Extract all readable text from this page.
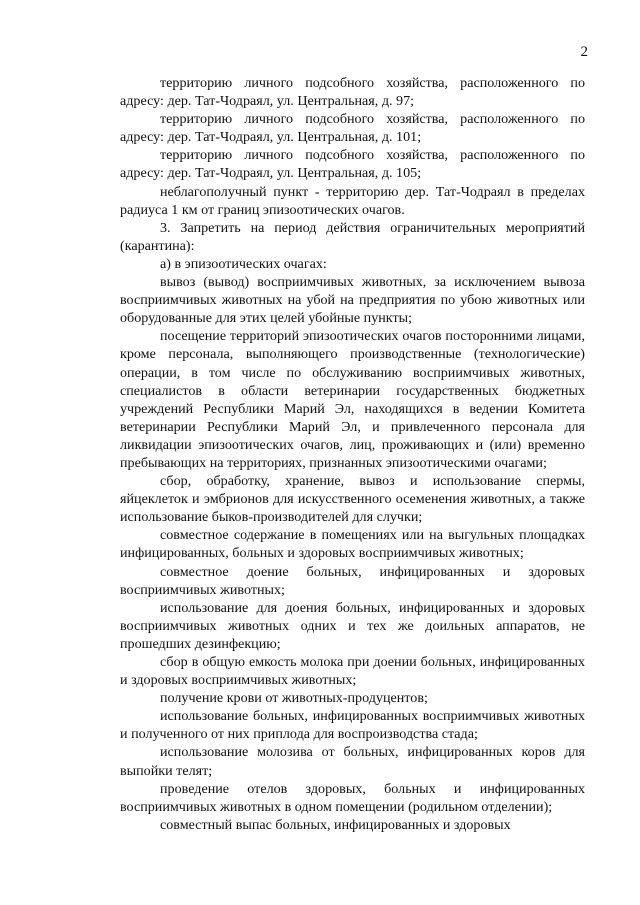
2

территорию личного подсобного хозяйства, расположенного по адресу: дер. Тат-Чодраял, ул. Центральная, д. 97;

территорию личного подсобного хозяйства, расположенного по адресу: дер. Тат-Чодраял, ул. Центральная, д. 101;

территорию личного подсобного хозяйства, расположенного по адресу: дер. Тат-Чодраял, ул. Центральная, д. 105;

неблагополучный пункт - территорию дер. Тат-Чодраял в пределах радиуса 1 км от границ эпизоотических очагов.

3. Запретить на период действия ограничительных мероприятий (карантина):

а) в эпизоотических очагах:

вывоз (вывод) восприимчивых животных, за исключением вывоза восприимчивых животных на убой на предприятия по убою животных или оборудованные для этих целей убойные пункты;

посещение территорий эпизоотических очагов посторонними лицами, кроме персонала, выполняющего производственные (технологические) операции, в том числе по обслуживанию восприимчивых животных, специалистов в области ветеринарии государственных бюджетных учреждений Республики Марий Эл, находящихся в ведении Комитета ветеринарии Республики Марий Эл, и привлеченного персонала для ликвидации эпизоотических очагов, лиц, проживающих и (или) временно пребывающих на территориях, признанных эпизоотическими очагами;

сбор, обработку, хранение, вывоз и использование спермы, яйцеклеток и эмбрионов для искусственного осеменения животных, а также использование быков-производителей для случки;

совместное содержание в помещениях или на выгульных площадках инфицированных, больных и здоровых восприимчивых животных;

совместное доение больных, инфицированных и здоровых восприимчивых животных;

использование для доения больных, инфицированных и здоровых восприимчивых животных одних и тех же доильных аппаратов, не прошедших дезинфекцию;

сбор в общую емкость молока при доении больных, инфицированных и здоровых восприимчивых животных;

получение крови от животных-продуцентов;

использование больных, инфицированных восприимчивых животных и полученного от них приплода для воспроизводства стада;

использование молозива от больных, инфицированных коров для выпойки телят;

проведение отелов здоровых, больных и инфицированных восприимчивых животных в одном помещении (родильном отделении);

совместный выпас больных, инфицированных и здоровых
